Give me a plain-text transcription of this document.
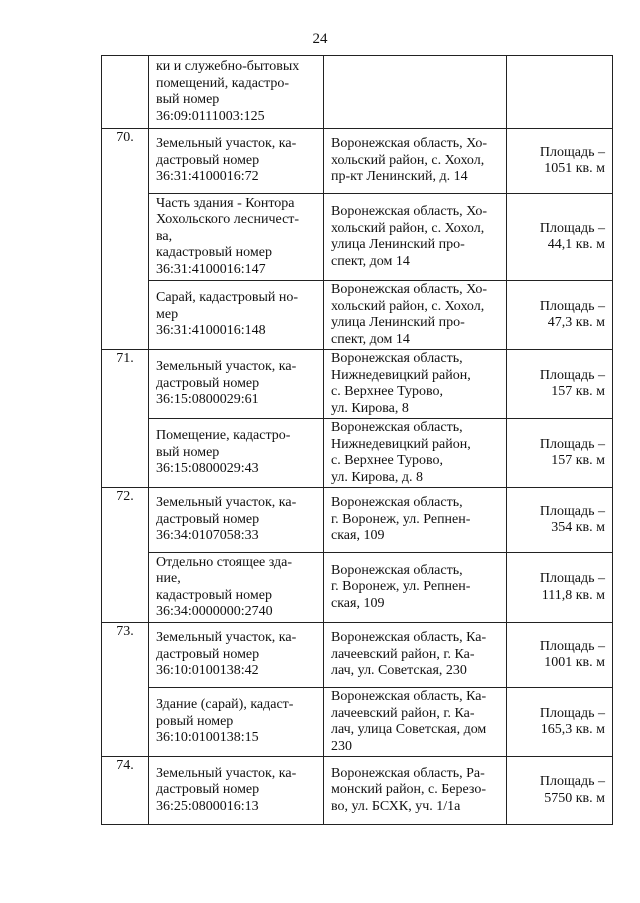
24
	ки и служебно-бытовых
помещений, кадастро-
вый номер
36:09:0111003:125		
70.	Земельный участок, ка-
дастровый номер
36:31:4100016:72	Воронежская область, Хо-
хольский район, с. Хохол,
пр-кт Ленинский, д. 14	Площадь –
1051 кв. м
	Часть здания - Контора
Хохольского лесничест-
ва,
кадастровый номер
36:31:4100016:147	Воронежская область, Хо-
хольский район, с. Хохол,
улица Ленинский про-
спект, дом 14	Площадь –
44,1 кв. м
	Сарай, кадастровый но-
мер
36:31:4100016:148	Воронежская область, Хо-
хольский район, с. Хохол,
улица Ленинский про-
спект, дом 14	Площадь –
47,3 кв. м
71.	Земельный участок, ка-
дастровый номер
36:15:0800029:61	Воронежская область,
Нижнедевицкий район,
с. Верхнее Турово,
ул. Кирова, 8	Площадь –
157 кв. м
	Помещение, кадастро-
вый номер
36:15:0800029:43	Воронежская область,
Нижнедевицкий район,
с. Верхнее Турово,
ул. Кирова, д. 8	Площадь –
157 кв. м
72.	Земельный участок, ка-
дастровый номер
36:34:0107058:33	Воронежская область,
г. Воронеж, ул. Репнен-
ская, 109	Площадь –
354 кв. м
	Отдельно стоящее зда-
ние,
кадастровый номер
36:34:0000000:2740	Воронежская область,
г. Воронеж, ул. Репнен-
ская, 109	Площадь –
111,8 кв. м
73.	Земельный участок, ка-
дастровый номер
36:10:0100138:42	Воронежская область, Ка-
лачеевский район, г. Ка-
лач, ул. Советская, 230	Площадь –
1001 кв. м
	Здание (сарай), кадаст-
ровый номер
36:10:0100138:15	Воронежская область, Ка-
лачеевский район, г. Ка-
лач, улица Советская, дом
230	Площадь –
165,3 кв. м
74.	Земельный участок, ка-
дастровый номер
36:25:0800016:13	Воронежская область, Ра-
монский район, с. Березо-
во, ул. БСХК, уч. 1/1а	Площадь –
5750 кв. м
